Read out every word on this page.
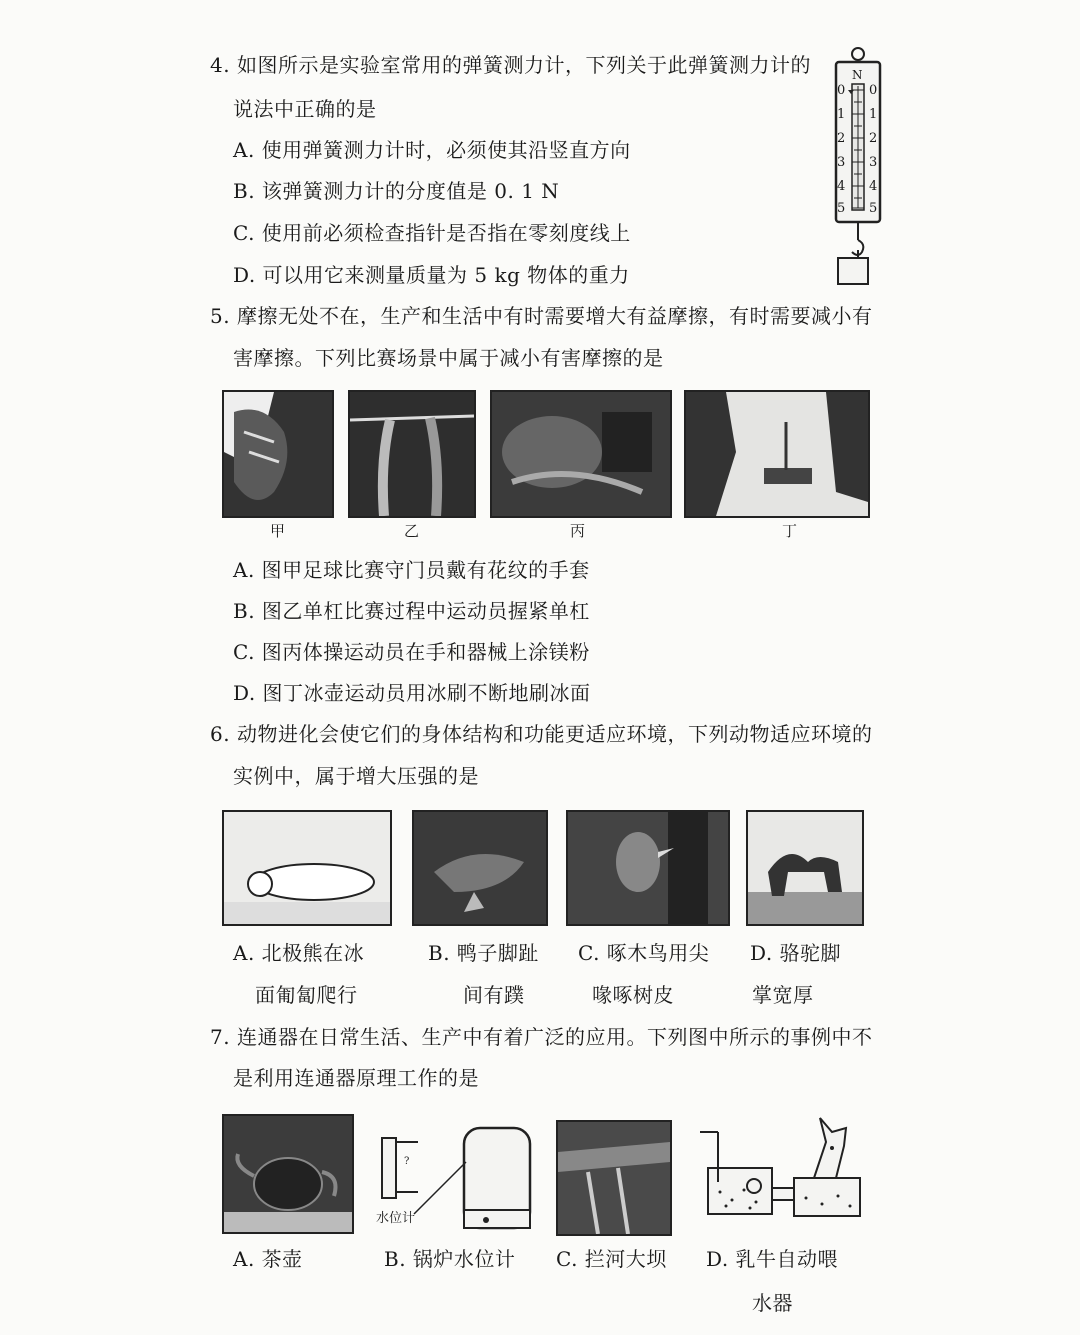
4. 如图所示是实验室常用的弹簧测力计，下列关于此弹簧测力计的
说法中正确的是
A. 使用弹簧测力计时，必须使其沿竖直方向
B. 该弹簧测力计的分度值是 0. 1 N
C. 使用前必须检查指针是否指在零刻度线上
D. 可以用它来测量质量为 5 kg 物体的重力
N
0
1
2
3
4
5
0
1
2
3
4
5
5. 摩擦无处不在，生产和生活中有时需要增大有益摩擦，有时需要减小有
害摩擦。下列比赛场景中属于减小有害摩擦的是
甲	乙	丙	丁
A. 图甲足球比赛守门员戴有花纹的手套
B. 图乙单杠比赛过程中运动员握紧单杠
C. 图丙体操运动员在手和器械上涂镁粉
D. 图丁冰壶运动员用冰刷不断地刷冰面
6. 动物进化会使它们的身体结构和功能更适应环境，下列动物适应环境的
实例中，属于增大压强的是
A. 北极熊在冰
面匍匐爬行
B. 鸭子脚趾
间有蹼
C. 啄木鸟用尖
喙啄树皮
D. 骆驼脚
掌宽厚
7. 连通器在日常生活、生产中有着广泛的应用。下列图中所示的事例中不
是利用连通器原理工作的是
?
水位计
A. 茶壶	B. 锅炉水位计 C. 拦河大坝 D. 乳牛自动喂
水器
